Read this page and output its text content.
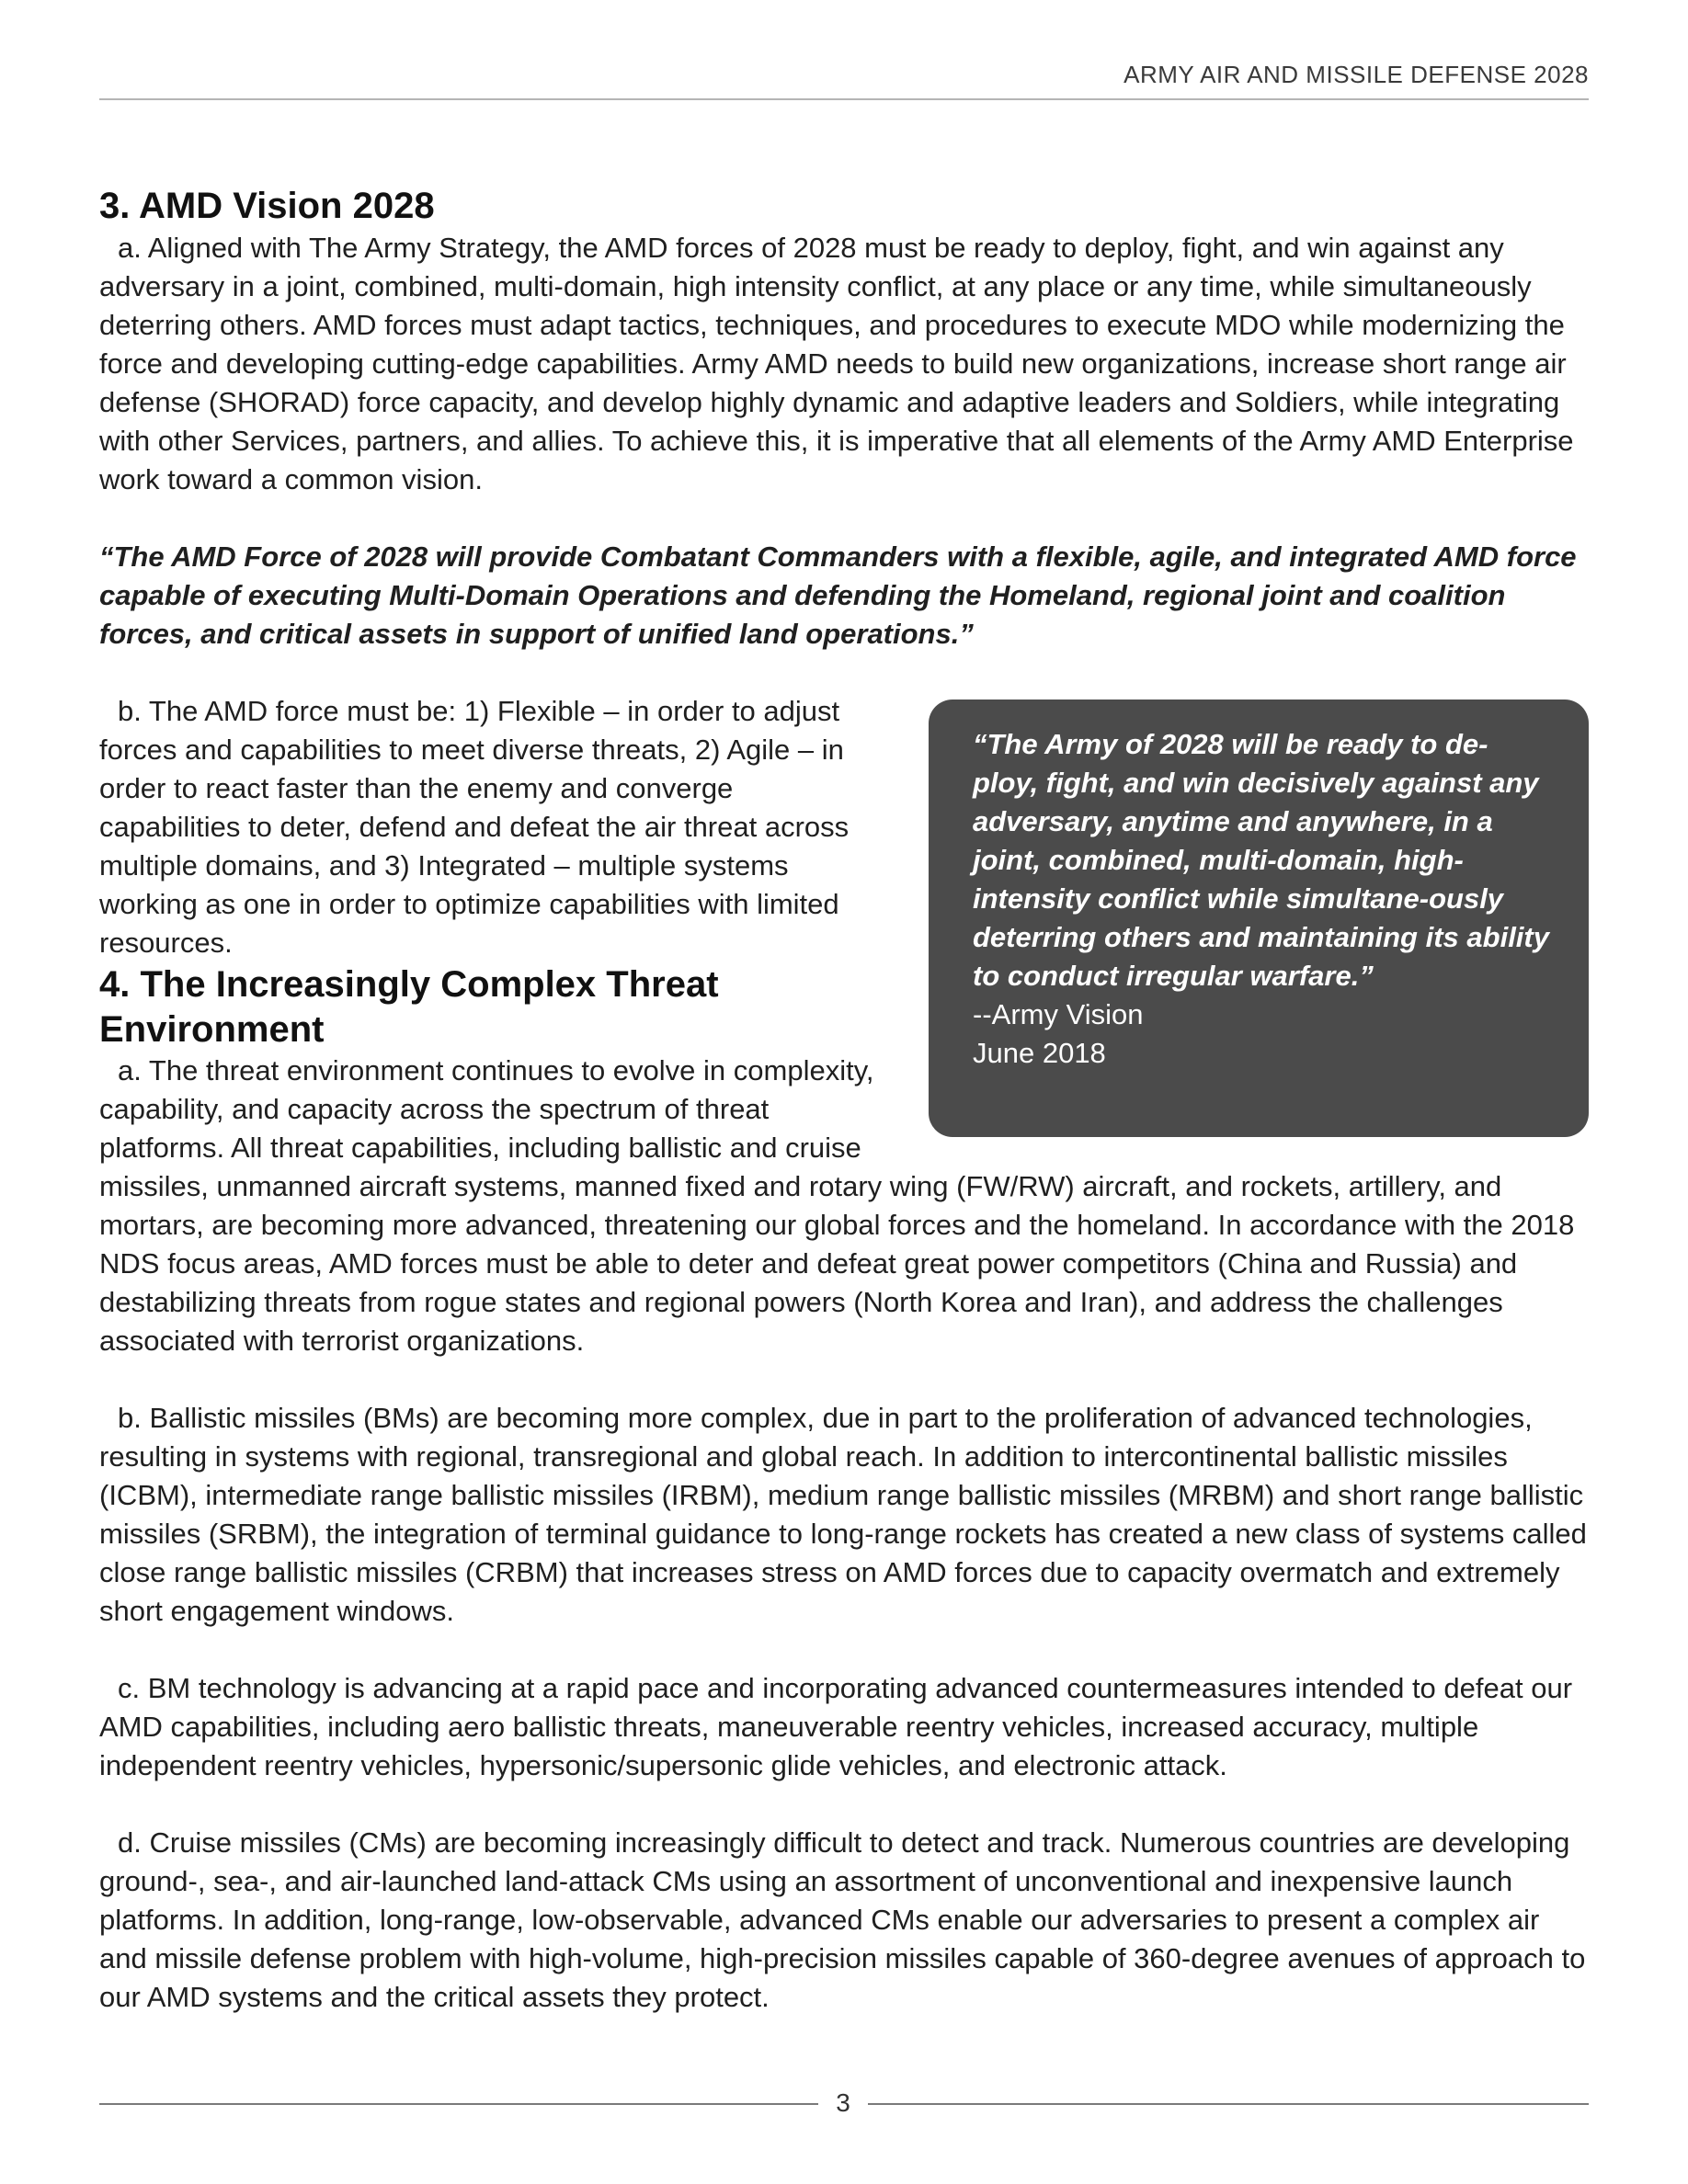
ARMY AIR AND MISSILE DEFENSE 2028
3. AMD Vision 2028

a. Aligned with The Army Strategy, the AMD forces of 2028 must be ready to deploy, fight, and win against any adversary in a joint, combined, multi-domain, high intensity conflict, at any place or any time, while simultaneously deterring others. AMD forces must adapt tactics, techniques, and procedures to execute MDO while modernizing the force and developing cutting-edge capabilities. Army AMD needs to build new organizations, increase short range air defense (SHORAD) force capacity, and develop highly dynamic and adaptive leaders and Soldiers, while integrating with other Services, partners, and allies. To achieve this, it is imperative that all elements of the Army AMD Enterprise work toward a common vision.

“The AMD Force of 2028 will provide Combatant Commanders with a flexible, agile, and integrated AMD force capable of executing Multi-Domain Operations and defending the Homeland, regional joint and coalition forces, and critical assets in support of unified land operations.”

“The Army of 2028 will be ready to de-ploy, fight, and win decisively against any adversary, anytime and anywhere, in a joint, combined, multi-domain, high-intensity conflict while simultane-ously deterring others and maintaining its ability to conduct irregular warfare.”

--Army Vision

June 2018

b. The AMD force must be: 1) Flexible – in order to adjust forces and capabilities to meet diverse threats, 2) Agile – in order to react faster than the enemy and converge capabilities to deter, defend and defeat the air threat across multiple domains, and 3) Integrated – multiple systems working as one in order to optimize capabilities with limited resources.

4. The Increasingly Complex Threat Environment

a. The threat environment continues to evolve in complexity, capability, and capacity across the spectrum of threat platforms. All threat capabilities, including ballistic and cruise missiles, unmanned aircraft systems, manned fixed and rotary wing (FW/RW) aircraft, and rockets, artillery, and mortars, are becoming more advanced, threatening our global forces and the homeland. In accordance with the 2018 NDS focus areas, AMD forces must be able to deter and defeat great power competitors (China and Russia) and destabilizing threats from rogue states and regional powers (North Korea and Iran), and address the challenges associated with terrorist organizations.

b. Ballistic missiles (BMs) are becoming more complex, due in part to the proliferation of advanced technologies, resulting in systems with regional, transregional and global reach. In addition to intercontinental ballistic missiles (ICBM), intermediate range ballistic missiles (IRBM), medium range ballistic missiles (MRBM) and short range ballistic missiles (SRBM), the integration of terminal guidance to long-range rockets has created a new class of systems called close range ballistic missiles (CRBM) that increases stress on AMD forces due to capacity overmatch and extremely short engagement windows.

c. BM technology is advancing at a rapid pace and incorporating advanced countermeasures intended to defeat our AMD capabilities, including aero ballistic threats, maneuverable reentry vehicles, increased accuracy, multiple independent reentry vehicles, hypersonic/supersonic glide vehicles, and electronic attack.

d. Cruise missiles (CMs) are becoming increasingly difficult to detect and track. Numerous countries are developing ground-, sea-, and air-launched land-attack CMs using an assortment of unconventional and inexpensive launch platforms. In addition, long-range, low-observable, advanced CMs enable our adversaries to present a complex air and missile defense problem with high-volume, high-precision missiles capable of 360-degree avenues of approach to our AMD systems and the critical assets they protect.

3
